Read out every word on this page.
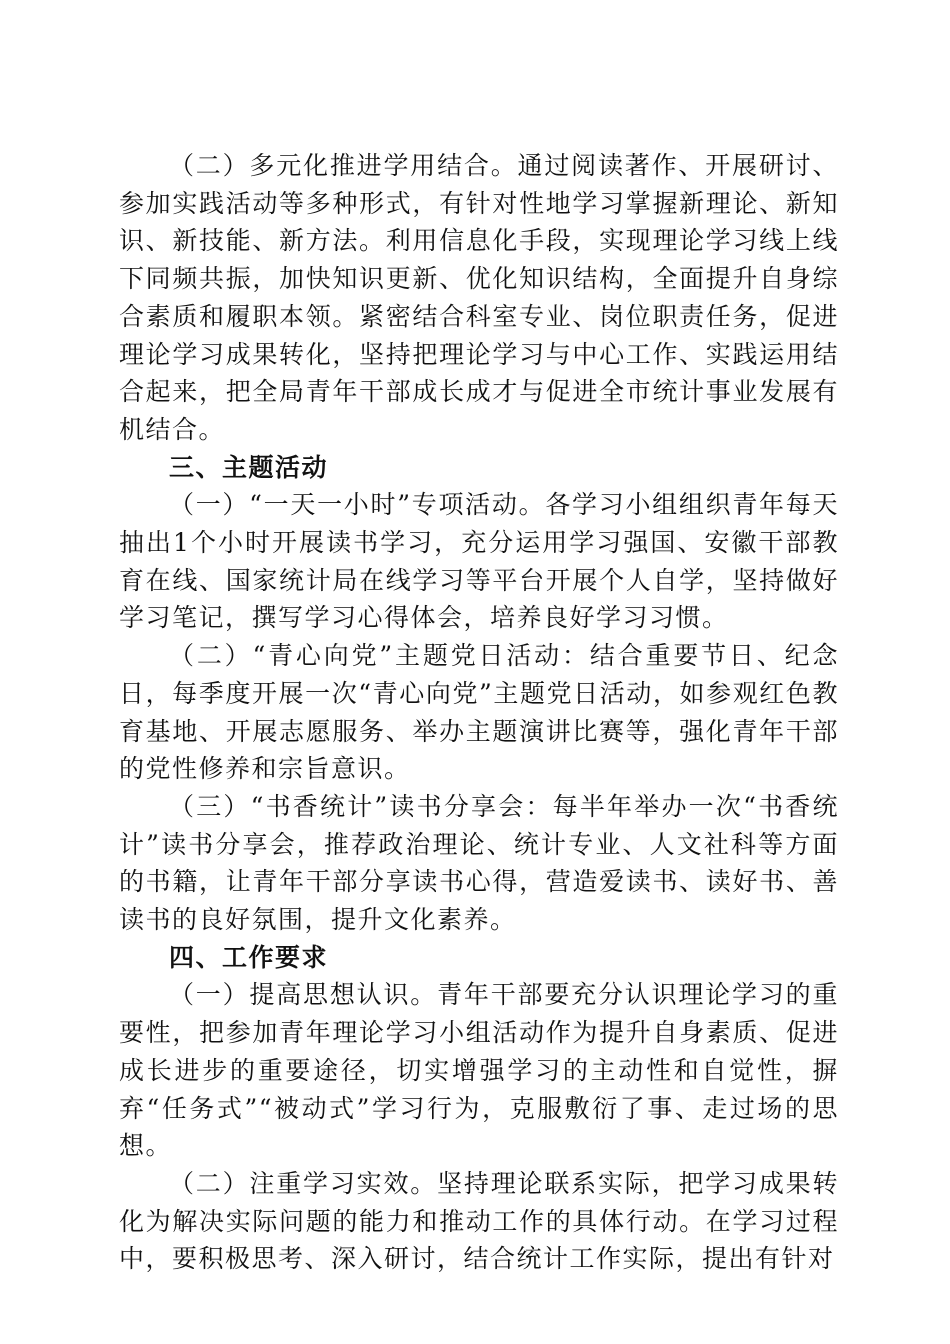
（二）多元化推进学用结合。通过阅读著作、开展研讨、参加实践活动等多种形式，有针对性地学习掌握新理论、新知识、新技能、新方法。利用信息化手段，实现理论学习线上线下同频共振，加快知识更新、优化知识结构，全面提升自身综合素质和履职本领。紧密结合科室专业、岗位职责任务，促进理论学习成果转化，坚持把理论学习与中心工作、实践运用结合起来，把全局青年干部成长成才与促进全市统计事业发展有机结合。

三、主题活动

（一）“一天一小时”专项活动。各学习小组组织青年每天抽出1个小时开展读书学习，充分运用学习强国、安徽干部教育在线、国家统计局在线学习等平台开展个人自学，坚持做好学习笔记，撰写学习心得体会，培养良好学习习惯。

（二）“青心向党”主题党日活动：结合重要节日、纪念日，每季度开展一次“青心向党”主题党日活动，如参观红色教育基地、开展志愿服务、举办主题演讲比赛等，强化青年干部的党性修养和宗旨意识。

（三）“书香统计”读书分享会：每半年举办一次“书香统计”读书分享会，推荐政治理论、统计专业、人文社科等方面的书籍，让青年干部分享读书心得，营造爱读书、读好书、善读书的良好氛围，提升文化素养。

四、工作要求

（一）提高思想认识。青年干部要充分认识理论学习的重要性，把参加青年理论学习小组活动作为提升自身素质、促进成长进步的重要途径，切实增强学习的主动性和自觉性，摒弃“任务式”“被动式”学习行为，克服敷衍了事、走过场的思想。

（二）注重学习实效。坚持理论联系实际，把学习成果转化为解决实际问题的能力和推动工作的具体行动。在学习过程中，要积极思考、深入研讨，结合统计工作实际，提出有针对
